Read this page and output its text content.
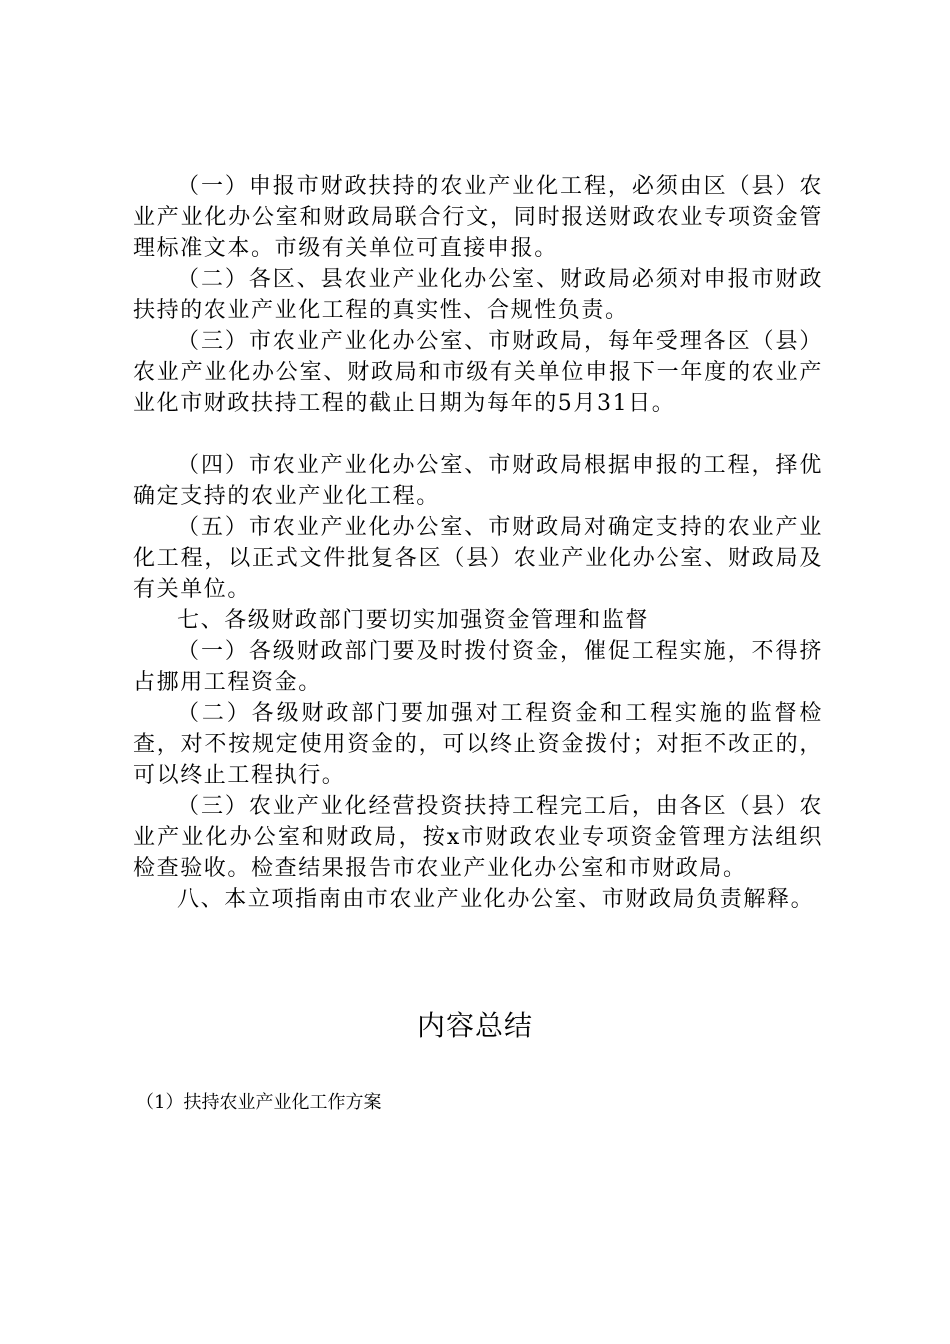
（一）申报市财政扶持的农业产业化工程，必须由区（县）农业产业化办公室和财政局联合行文，同时报送财政农业专项资金管理标准文本。市级有关单位可直接申报。

（二）各区、县农业产业化办公室、财政局必须对申报市财政扶持的农业产业化工程的真实性、合规性负责。

（三）市农业产业化办公室、市财政局，每年受理各区（县）农业产业化办公室、财政局和市级有关单位申报下一年度的农业产业化市财政扶持工程的截止日期为每年的5月31日。

（四）市农业产业化办公室、市财政局根据申报的工程，择优确定支持的农业产业化工程。

（五）市农业产业化办公室、市财政局对确定支持的农业产业化工程，以正式文件批复各区（县）农业产业化办公室、财政局及有关单位。

七、各级财政部门要切实加强资金管理和监督

（一）各级财政部门要及时拨付资金，催促工程实施，不得挤占挪用工程资金。

（二）各级财政部门要加强对工程资金和工程实施的监督检查，对不按规定使用资金的，可以终止资金拨付；对拒不改正的，可以终止工程执行。

（三）农业产业化经营投资扶持工程完工后，由各区（县）农业产业化办公室和财政局，按x市财政农业专项资金管理方法组织检查验收。检查结果报告市农业产业化办公室和市财政局。

八、本立项指南由市农业产业化办公室、市财政局负责解释。

内容总结
（1）扶持农业产业化工作方案
